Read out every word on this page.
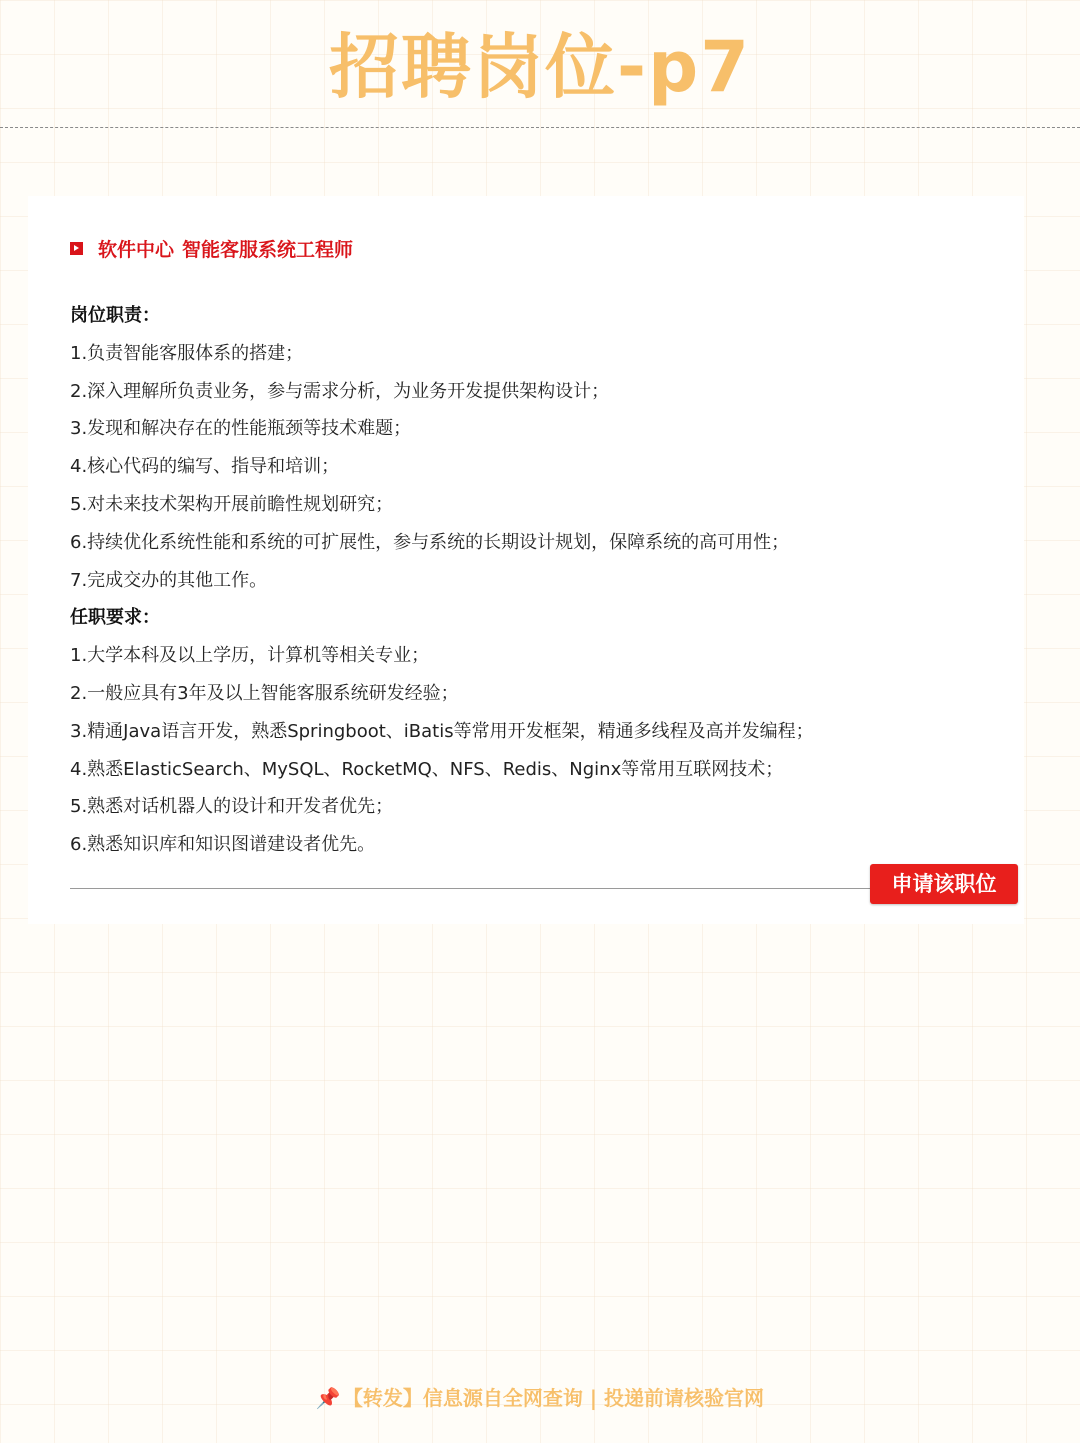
招聘岗位-p7
软件中心 智能客服系统工程师
岗位职责：
1.负责智能客服体系的搭建；
2.深入理解所负责业务，参与需求分析，为业务开发提供架构设计；
3.发现和解决存在的性能瓶颈等技术难题；
4.核心代码的编写、指导和培训；
5.对未来技术架构开展前瞻性规划研究；
6.持续优化系统性能和系统的可扩展性，参与系统的长期设计规划，保障系统的高可用性；
7.完成交办的其他工作。
任职要求：
1.大学本科及以上学历，计算机等相关专业；
2.一般应具有3年及以上智能客服系统研发经验；
3.精通Java语言开发，熟悉Springboot、iBatis等常用开发框架，精通多线程及高并发编程；
4.熟悉ElasticSearch、MySQL、RocketMQ、NFS、Redis、Nginx等常用互联网技术；
5.熟悉对话机器人的设计和开发者优先；
6.熟悉知识库和知识图谱建设者优先。
申请该职位
📌 【转发】信息源自全网查询 | 投递前请核验官网
